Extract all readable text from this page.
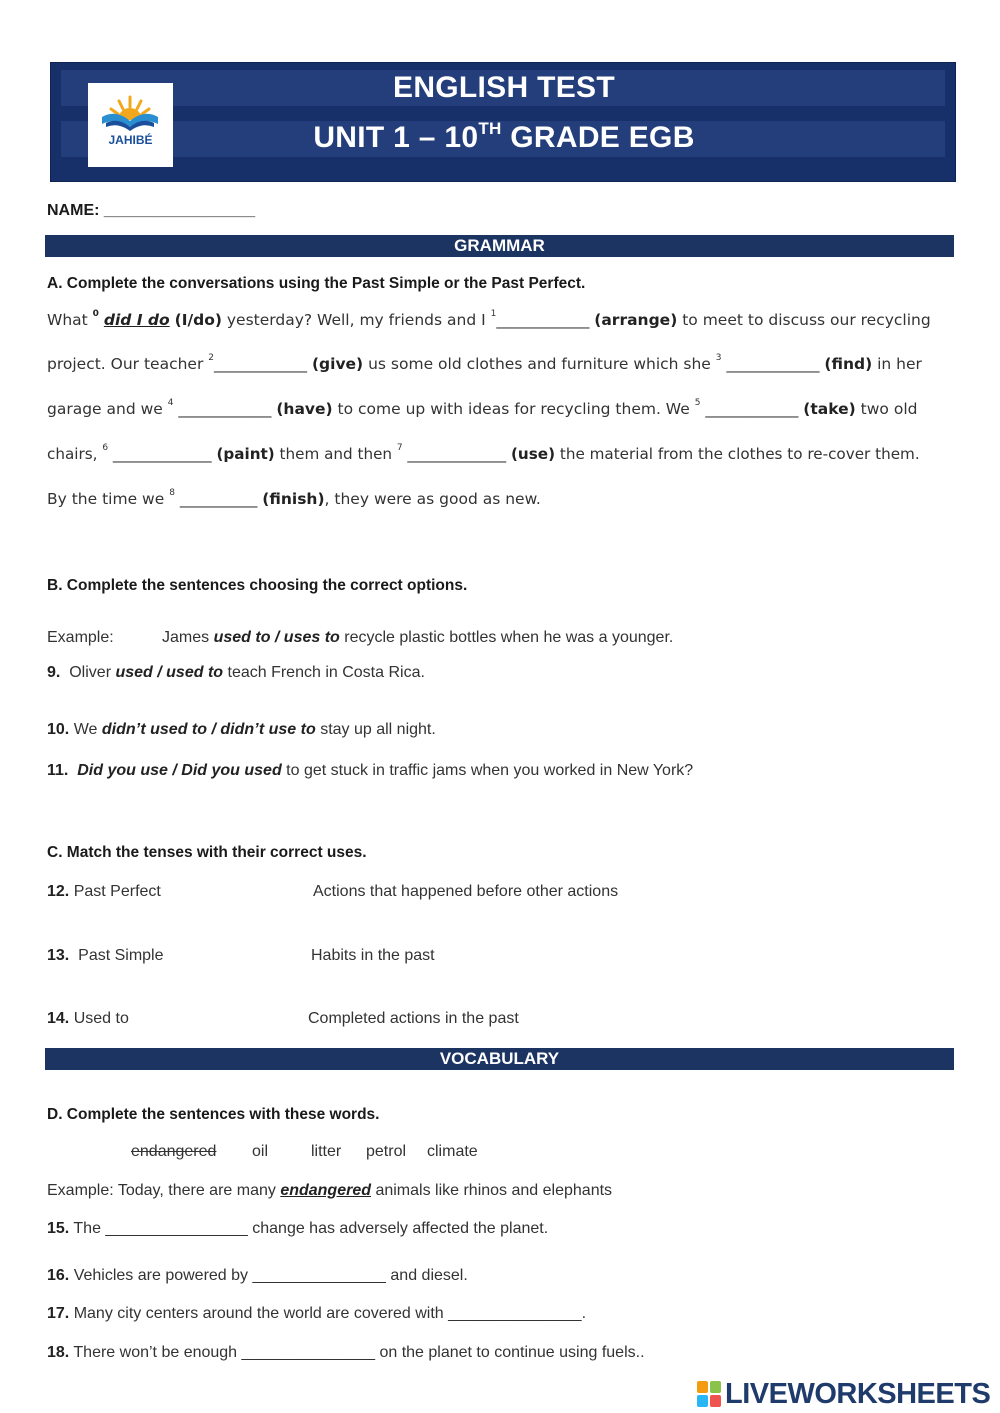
ENGLISH TEST
UNIT 1 – 10TH GRADE EGB
JAHIBÉ
NAME: _________________
GRAMMAR
A. Complete the conversations using the Past Simple or the Past Perfect.
What $^0$ did I do (I/do) yesterday? Well, my friends and I $^1$____________ (arrange) to meet to discuss our recycling
project. Our teacher $^2$____________ (give) us some old clothes and furniture which she $^3$ ____________ (find) in her
garage and we $^4$ ____________ (have) to come up with ideas for recycling them. We $^5$ ____________ (take) two old
chairs, $^6$ _____________ (paint) them and then $^7$ _____________ (use) the material from the clothes to re-cover them.
By the time we $^8$ __________ (finish), they were as good as new.
B. Complete the sentences choosing the correct options.
Example:	James used to / uses to recycle plastic bottles when he was a younger.
9. Oliver used / used to teach French in Costa Rica.
10. We didn’t used to / didn’t use to stay up all night.
11. Did you use / Did you used to get stuck in traffic jams when you worked in New York?
C. Match the tenses with their correct uses.
12. Past Perfect	Actions that happened before other actions
13. Past Simple	Habits in the past
14. Used to	Completed actions in the past
VOCABULARY
D. Complete the sentences with these words.
endangered oil	litter petrol climate
Example: Today, there are many endangered animals like rhinos and elephants
15. The ________________ change has adversely affected the planet.
16. Vehicles are powered by _______________ and diesel.
17. Many city centers around the world are covered with _______________.
18. There won’t be enough _______________ on the planet to continue using fuels..
LIVEWORKSHEETS
